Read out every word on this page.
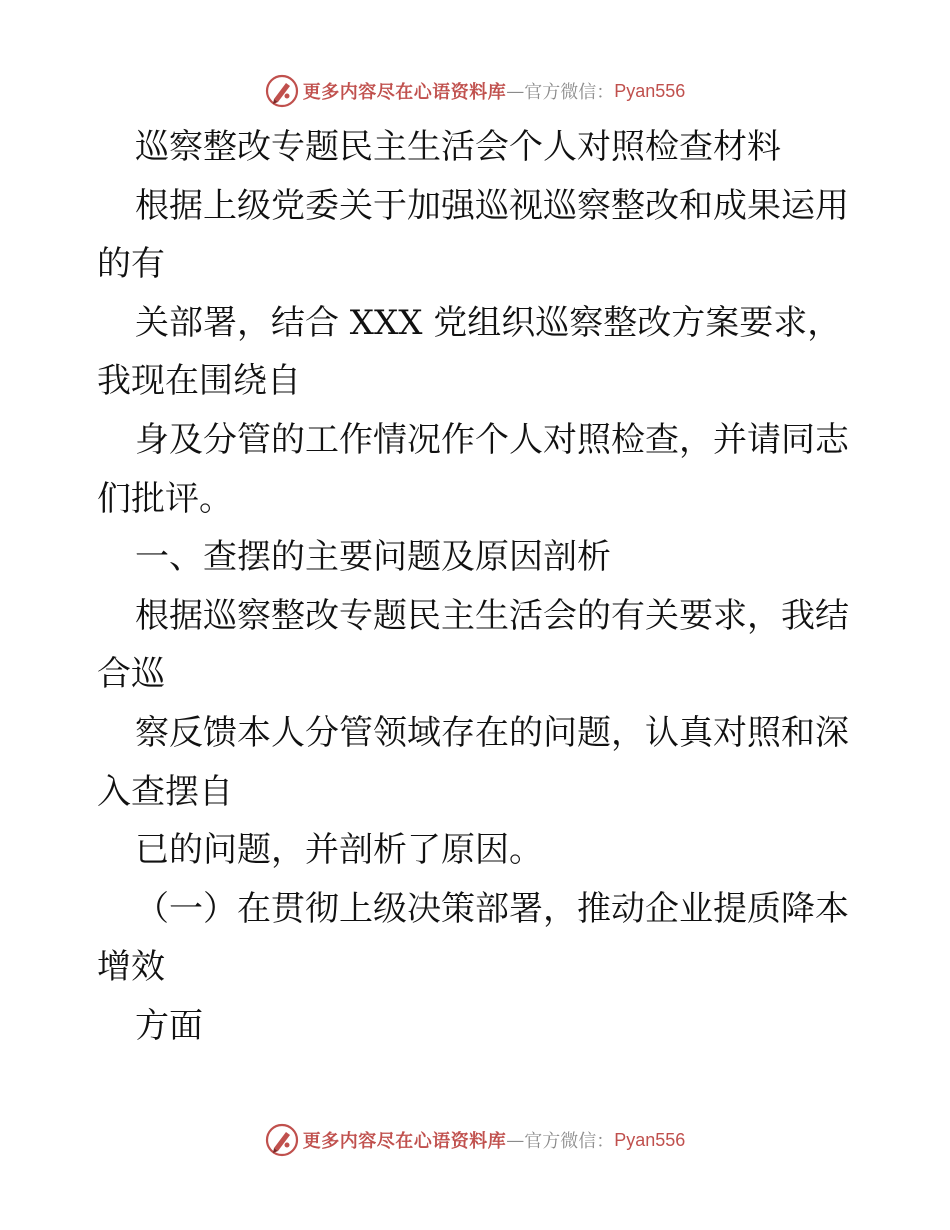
更多内容尽在心语资料库 — 官方微信： Pyan556
巡察整改专题民主生活会个人对照检查材料
根据上级党委关于加强巡视巡察整改和成果运用
的有
关部署，结合 XXX 党组织巡察整改方案要求，
我现在围绕自
身及分管的工作情况作个人对照检查，并请同志
们批评。
一、查摆的主要问题及原因剖析
根据巡察整改专题民主生活会的有关要求，我结
合巡
察反馈本人分管领域存在的问题，认真对照和深
入查摆自
已的问题，并剖析了原因。
（一）在贯彻上级决策部署，推动企业提质降本
增效
方面
更多内容尽在心语资料库 — 官方微信： Pyan556
